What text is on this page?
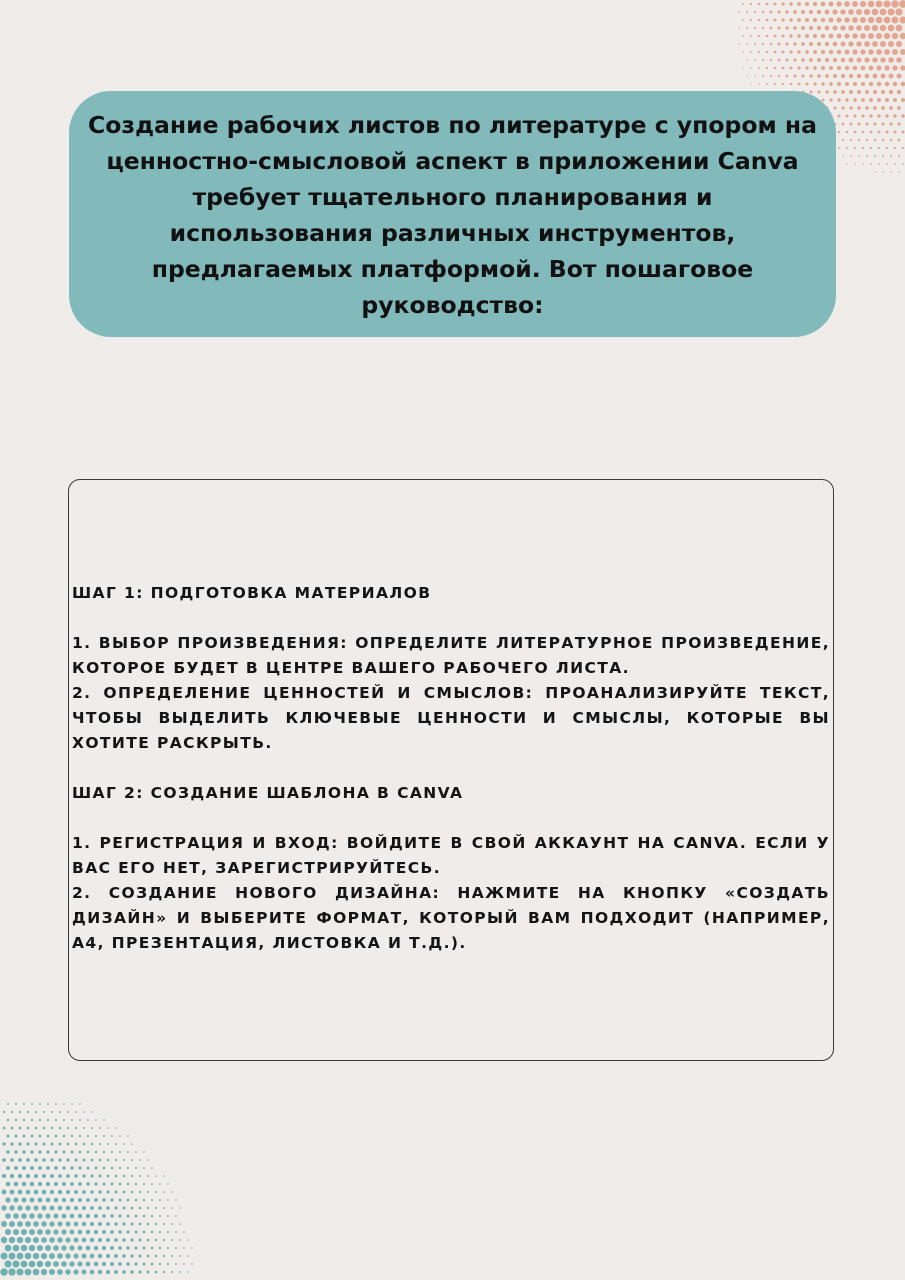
Создание рабочих листов по литературе с упором на ценностно-смысловой аспект в приложении Canva требует тщательного планирования и использования различных инструментов, предлагаемых платформой. Вот пошаговое руководство:

ШАГ 1: ПОДГОТОВКА МАТЕРИАЛОВ

1. ВЫБОР ПРОИЗВЕДЕНИЯ: ОПРЕДЕЛИТЕ ЛИТЕРАТУРНОЕ ПРОИЗВЕДЕНИЕ, КОТОРОЕ БУДЕТ В ЦЕНТРЕ ВАШЕГО РАБОЧЕГО ЛИСТА.

2. ОПРЕДЕЛЕНИЕ ЦЕННОСТЕЙ И СМЫСЛОВ: ПРОАНАЛИЗИРУЙТЕ ТЕКСТ, ЧТОБЫ ВЫДЕЛИТЬ КЛЮЧЕВЫЕ ЦЕННОСТИ И СМЫСЛЫ, КОТОРЫЕ ВЫ ХОТИТЕ РАСКРЫТЬ.

ШАГ 2: СОЗДАНИЕ ШАБЛОНА В CANVA

1. РЕГИСТРАЦИЯ И ВХОД: ВОЙДИТЕ В СВОЙ АККАУНТ НА CANVA. ЕСЛИ У ВАС ЕГО НЕТ, ЗАРЕГИСТРИРУЙТЕСЬ.

2. СОЗДАНИЕ НОВОГО ДИЗАЙНА: НАЖМИТЕ НА КНОПКУ «СОЗДАТЬ ДИЗАЙН» И ВЫБЕРИТЕ ФОРМАТ, КОТОРЫЙ ВАМ ПОДХОДИТ (НАПРИМЕР, A4, ПРЕЗЕНТАЦИЯ, ЛИСТОВКА И Т.Д.).
